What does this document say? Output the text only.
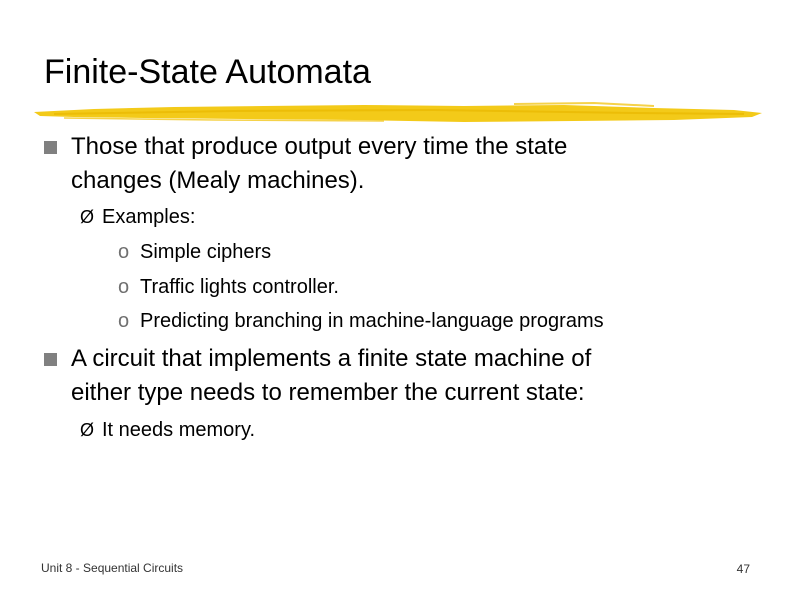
Finite-State Automata
Those that produce output every time the state
changes (Mealy machines).
Ø Examples:
o Simple ciphers
o Traffic lights controller.
o Predicting branching in machine-language programs
A circuit that implements a finite state machine of
either type needs to remember the current state:
Ø It needs memory.
Unit 8 - Sequential Circuits	47
